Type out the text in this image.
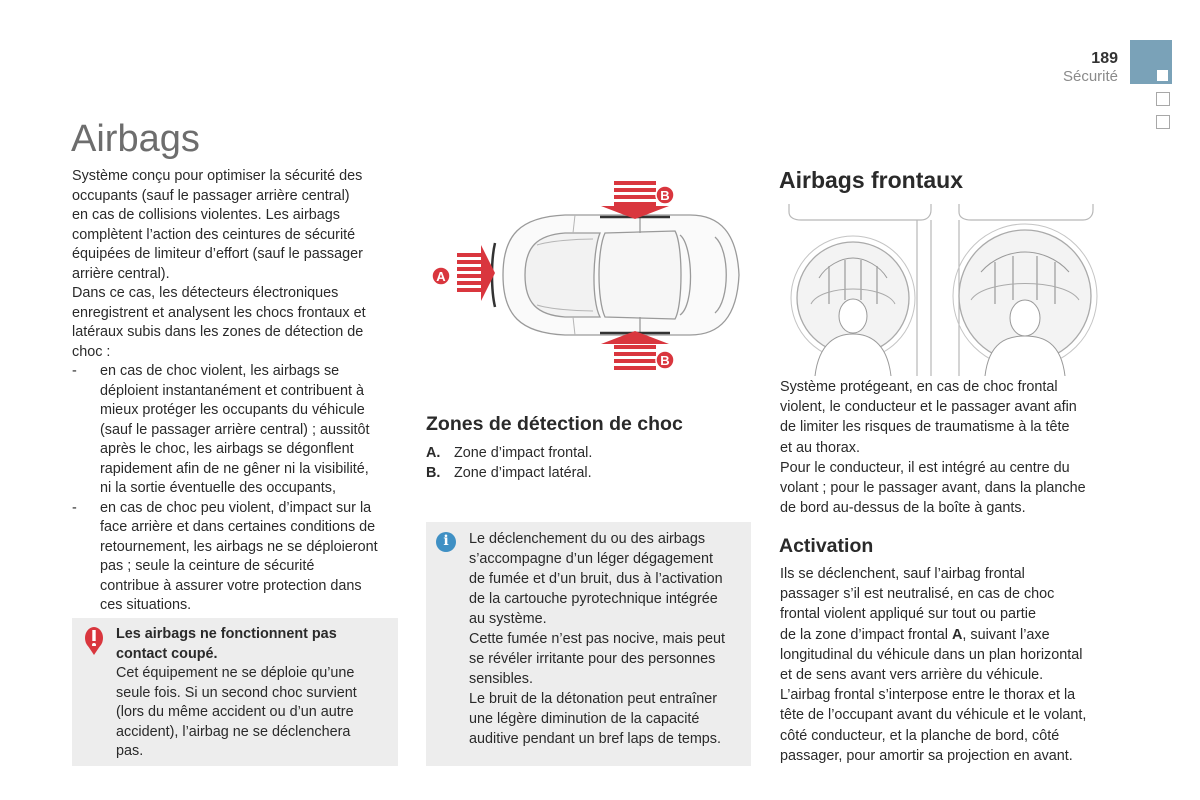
189
Sécurité
Airbags

Système conçu pour optimiser la sécurité des

occupants (sauf le passager arrière central)

en cas de collisions violentes. Les airbags

complètent l’action des ceintures de sécurité

équipées de limiteur d’effort (sauf le passager

arrière central).

Dans ce cas, les détecteurs électroniques

enregistrent et analysent les chocs frontaux et

latéraux subis dans les zones de détection de

choc :

- en cas de choc violent, les airbags se

déploient instantanément et contribuent à

mieux protéger les occupants du véhicule

(sauf le passager arrière central) ; aussitôt

après le choc, les airbags se dégonflent

rapidement afin de ne gêner ni la visibilité,

ni la sortie éventuelle des occupants,

- en cas de choc peu violent, d’impact sur la

face arrière et dans certaines conditions de

retournement, les airbags ne se déploieront

pas ; seule la ceinture de sécurité

contribue à assurer votre protection dans

ces situations.

Les airbags ne fonctionnent pas

contact coupé.

Cet équipement ne se déploie qu’une

seule fois. Si un second choc survient

(lors du même accident ou d’un autre

accident), l’airbag ne se déclenchera

pas.

A
B
B
Zones de détection de choc
A. Zone d’impact frontal.
B. Zone d’impact latéral.
i	Le déclenchement du ou des airbags

s’accompagne d’un léger dégagement

de fumée et d’un bruit, dus à l’activation

de la cartouche pyrotechnique intégrée

au système.

Cette fumée n’est pas nocive, mais peut

se révéler irritante pour des personnes

sensibles.

Le bruit de la détonation peut entraîner

une légère diminution de la capacité

auditive pendant un bref laps de temps.

Airbags frontaux

Système protégeant, en cas de choc frontal

violent, le conducteur et le passager avant afin

de limiter les risques de traumatisme à la tête

et au thorax.

Pour le conducteur, il est intégré au centre du

volant ; pour le passager avant, dans la planche

de bord au-dessus de la boîte à gants.

Activation

Ils se déclenchent, sauf l’airbag frontal

passager s’il est neutralisé, en cas de choc

frontal violent appliqué sur tout ou partie

de la zone d’impact frontal A, suivant l’axe

longitudinal du véhicule dans un plan horizontal

et de sens avant vers arrière du véhicule.

L’airbag frontal s’interpose entre le thorax et la

tête de l’occupant avant du véhicule et le volant,

côté conducteur, et la planche de bord, côté

passager, pour amortir sa projection en avant.
